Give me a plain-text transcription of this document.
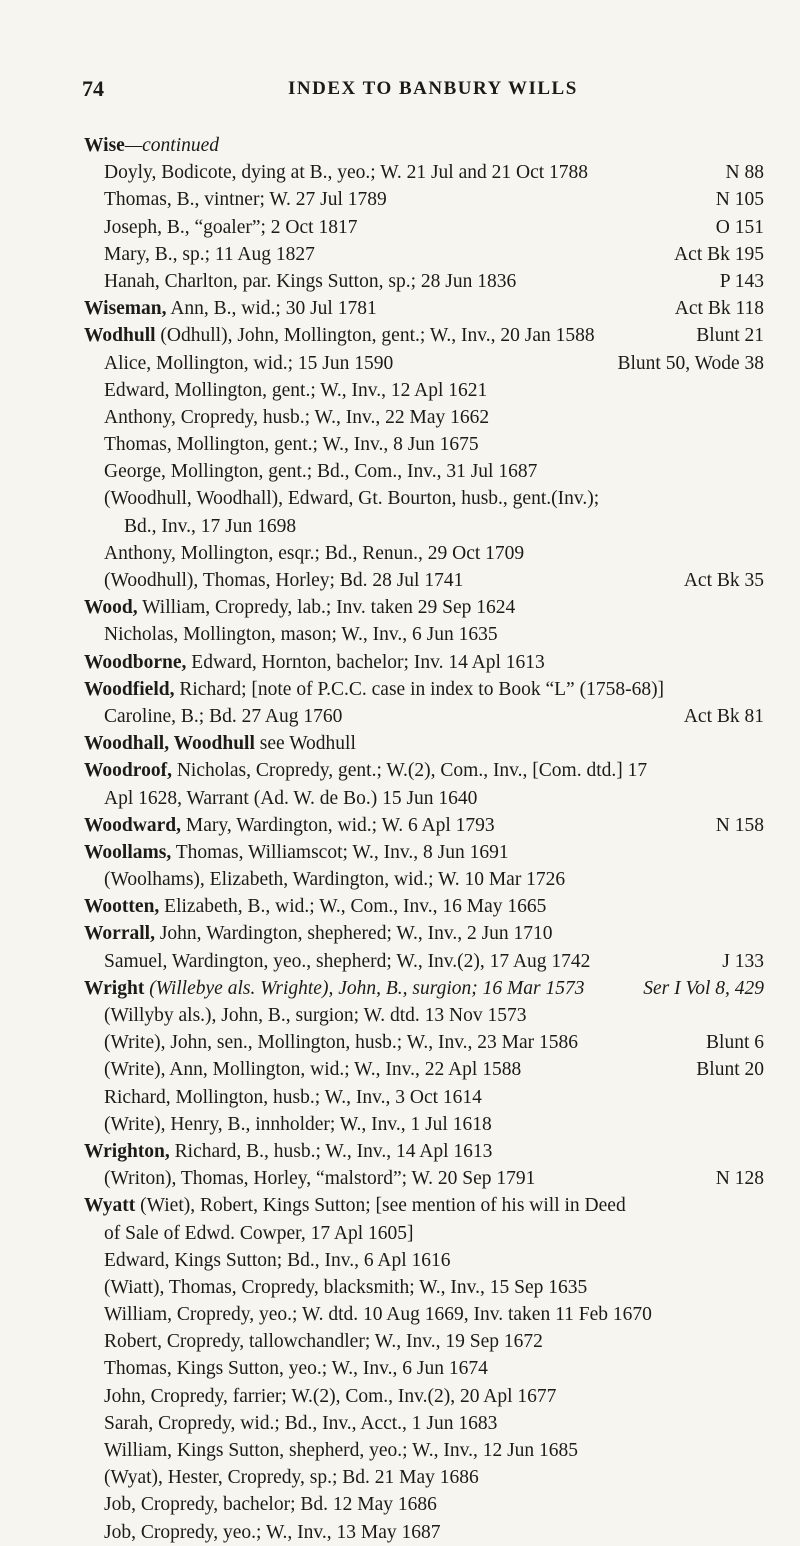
74	INDEX TO BANBURY WILLS
Wise—continued
Doyly, Bodicote, dying at B., yeo.; W. 21 Jul and 21 Oct 1788	N 88
Thomas, B., vintner; W. 27 Jul 1789	N 105
Joseph, B., “goaler”; 2 Oct 1817	O 151
Mary, B., sp.; 11 Aug 1827	Act Bk 195
Hanah, Charlton, par. Kings Sutton, sp.; 28 Jun 1836	P 143
Wiseman, Ann, B., wid.; 30 Jul 1781	Act Bk 118
Wodhull (Odhull), John, Mollington, gent.; W., Inv., 20 Jan 1588	Blunt 21
Alice, Mollington, wid.; 15 Jun 1590	Blunt 50, Wode 38
Edward, Mollington, gent.; W., Inv., 12 Apl 1621
Anthony, Cropredy, husb.; W., Inv., 22 May 1662
Thomas, Mollington, gent.; W., Inv., 8 Jun 1675
George, Mollington, gent.; Bd., Com., Inv., 31 Jul 1687
(Woodhull, Woodhall), Edward, Gt. Bourton, husb., gent.(Inv.);
Bd., Inv., 17 Jun 1698
Anthony, Mollington, esqr.; Bd., Renun., 29 Oct 1709
(Woodhull), Thomas, Horley; Bd. 28 Jul 1741	Act Bk 35
Wood, William, Cropredy, lab.; Inv. taken 29 Sep 1624
Nicholas, Mollington, mason; W., Inv., 6 Jun 1635
Woodborne, Edward, Hornton, bachelor; Inv. 14 Apl 1613
Woodfield, Richard; [note of P.C.C. case in index to Book “L” (1758-68)]
Caroline, B.; Bd. 27 Aug 1760	Act Bk 81
Woodhall, Woodhull see Wodhull
Woodroof, Nicholas, Cropredy, gent.; W.(2), Com., Inv., [Com. dtd.] 17
Apl 1628, Warrant (Ad. W. de Bo.) 15 Jun 1640
Woodward, Mary, Wardington, wid.; W. 6 Apl 1793	N 158
Woollams, Thomas, Williamscot; W., Inv., 8 Jun 1691
(Woolhams), Elizabeth, Wardington, wid.; W. 10 Mar 1726
Wootten, Elizabeth, B., wid.; W., Com., Inv., 16 May 1665
Worrall, John, Wardington, shephered; W., Inv., 2 Jun 1710
Samuel, Wardington, yeo., shepherd; W., Inv.(2), 17 Aug 1742	J 133
Wright (Willebye als. Wrighte), John, B., surgion; 16 Mar 1573	Ser I Vol 8, 429
(Willyby als.), John, B., surgion; W. dtd. 13 Nov 1573
(Write), John, sen., Mollington, husb.; W., Inv., 23 Mar 1586	Blunt 6
(Write), Ann, Mollington, wid.; W., Inv., 22 Apl 1588	Blunt 20
Richard, Mollington, husb.; W., Inv., 3 Oct 1614
(Write), Henry, B., innholder; W., Inv., 1 Jul 1618
Wrighton, Richard, B., husb.; W., Inv., 14 Apl 1613
(Writon), Thomas, Horley, “malstord”; W. 20 Sep 1791	N 128
Wyatt (Wiet), Robert, Kings Sutton; [see mention of his will in Deed
of Sale of Edwd. Cowper, 17 Apl 1605]
Edward, Kings Sutton; Bd., Inv., 6 Apl 1616
(Wiatt), Thomas, Cropredy, blacksmith; W., Inv., 15 Sep 1635
William, Cropredy, yeo.; W. dtd. 10 Aug 1669, Inv. taken 11 Feb 1670
Robert, Cropredy, tallowchandler; W., Inv., 19 Sep 1672
Thomas, Kings Sutton, yeo.; W., Inv., 6 Jun 1674
John, Cropredy, farrier; W.(2), Com., Inv.(2), 20 Apl 1677
Sarah, Cropredy, wid.; Bd., Inv., Acct., 1 Jun 1683
William, Kings Sutton, shepherd, yeo.; W., Inv., 12 Jun 1685
(Wyat), Hester, Cropredy, sp.; Bd. 21 May 1686
Job, Cropredy, bachelor; Bd. 12 May 1686
Job, Cropredy, yeo.; W., Inv., 13 May 1687
